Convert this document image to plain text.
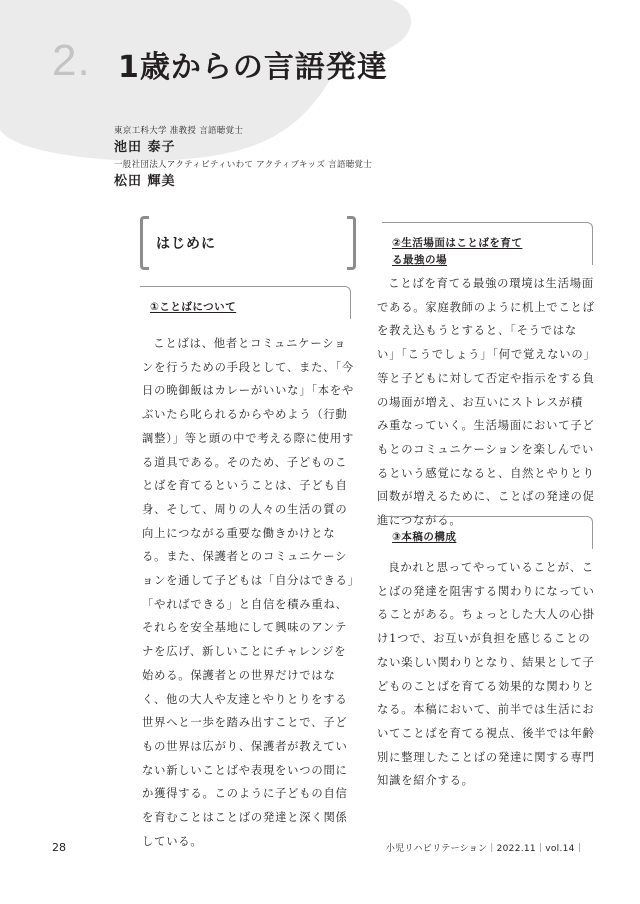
2. 1歳からの言語発達
東京工科大学 准教授 言語聴覚士
池田 泰子
一般社団法人アクティビティいわて アクティブキッズ 言語聴覚士
松田 輝美
はじめに
①ことばについて

ことばは、他者とコミュニケーションを行うための手段として、また、「今日の晩御飯はカレーがいいな」「本をやぶいたら叱られるからやめよう（行動調整）」等と頭の中で考える際に使用する道具である。そのため、子どものことばを育てるということは、子ども自身、そして、周りの人々の生活の質の向上につながる重要な働きかけとなる。また、保護者とのコミュニケーションを通して子どもは「自分はできる」「やればできる」と自信を積み重ね、それらを安全基地にして興味のアンテナを広げ、新しいことにチャレンジを始める。保護者との世界だけではなく、他の大人や友達とやりとりをする世界へと一歩を踏み出すことで、子どもの世界は広がり、保護者が教えていない新しいことばや表現をいつの間にか獲得する。このように子どもの自信を育むことはことばの発達と深く関係している。

②生活場面はことばを育てる最強の場

ことばを育てる最強の環境は生活場面である。家庭教師のように机上でことばを教え込もうとすると、「そうではない」「こうでしょう」「何で覚えないの」等と子どもに対して否定や指示をする負の場面が増え、お互いにストレスが積み重なっていく。生活場面において子どもとのコミュニケーションを楽しんでいるという感覚になると、自然とやりとり回数が増えるために、ことばの発達の促進につながる。

③本稿の構成

良かれと思ってやっていることが、ことばの発達を阻害する関わりになっていることがある。ちょっとした大人の心掛け1つで、お互いが負担を感じることのない楽しい関わりとなり、結果として子どものことばを育てる効果的な関わりとなる。本稿において、前半では生活においてことばを育てる視点、後半では年齢別に整理したことばの発達に関する専門知識を紹介する。

28	小児リハビリテーション｜2022.11｜vol.14｜
